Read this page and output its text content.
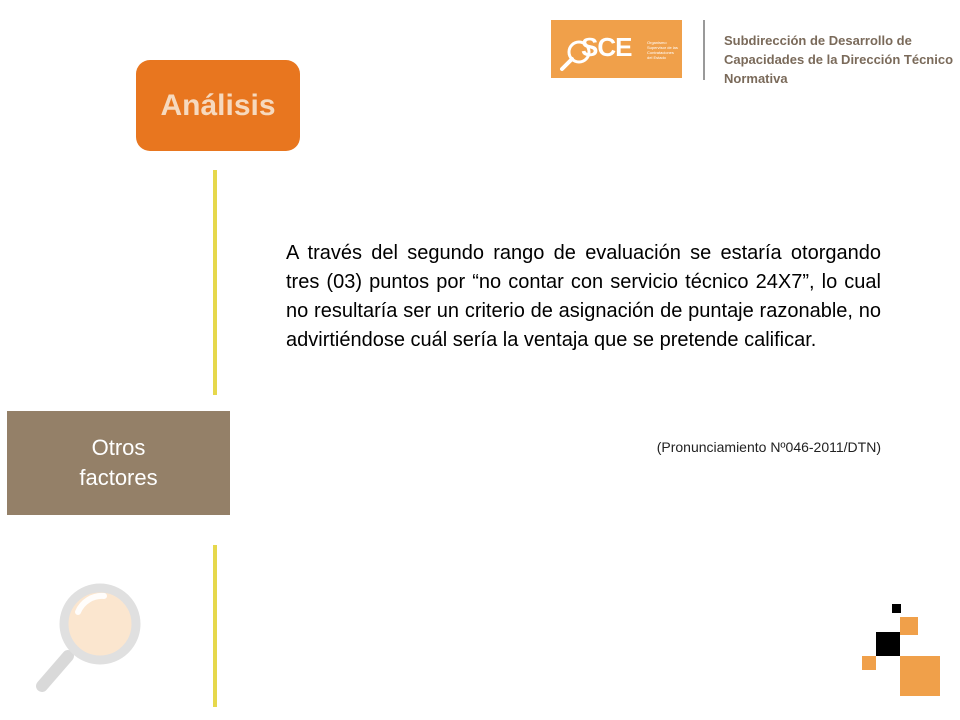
SCE	Organismo Supervisor de las Contrataciones del Estado
Subdirección de Desarrollo de Capacidades de la Dirección Técnico Normativa
Análisis
Otros
factores
A través del segundo rango de evaluación se estaría otorgando tres (03) puntos por “no contar con servicio técnico 24X7”, lo cual no resultaría ser un criterio de asignación de puntaje razonable, no advirtiéndose cuál sería la ventaja que se pretende calificar.
(Pronunciamiento Nº046-2011/DTN)
